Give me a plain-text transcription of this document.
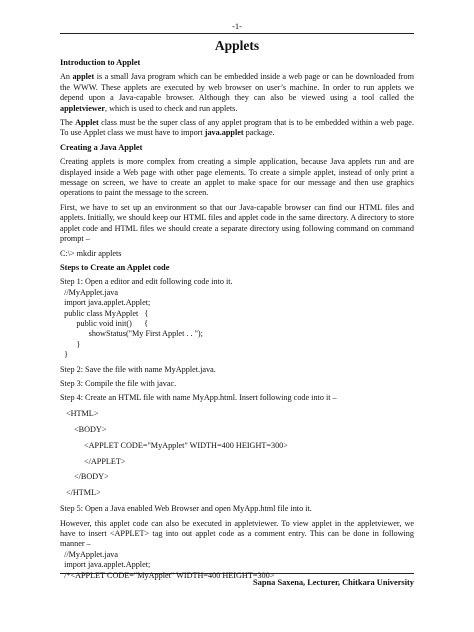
-1-
Applets
Introduction to Applet

An applet is a small Java program which can be embedded inside a web page or can be downloaded from the WWW. These applets are executed by web browser on user’s machine. In order to run applets we depend upon a Java-capable browser. Although they can also be viewed using a tool called the appletviewer, which is used to check and run applets.

The Applet class must be the super class of any applet program that is to be embedded within a web page. To use Applet class we must have to import java.applet package.

Creating a Java Applet

Creating applets is more complex from creating a simple application, because Java applets run and are displayed inside a Web page with other page elements. To create a simple applet, instead of only print a message on screen, we have to create an applet to make space for our message and then use graphics operations to paint the message to the screen.

First, we have to set up an environment so that our Java-capable browser can find our HTML files and applets. Initially, we should keep our HTML files and applet code in the same directory. A directory to store applet code and HTML files we should create a separate directory using following command on command prompt –

C:\> mkdir applets

Steps to Create an Applet code

Step 1: Open a editor and edit following code into it.

//MyApplet.java
import java.applet.Applet;
public class MyApplet   {
public void init()      {
showStatus("My First Applet . . ");
}
}

Step 2: Save the file with name MyApplet.java.

Step 3: Compile the file with javac.

Step 4: Create an HTML file with name MyApp.html. Insert following code into it –

<HTML>
<BODY>
<APPLET CODE="MyApplet" WIDTH=400 HEIGHT=300>
</APPLET>
</BODY>
</HTML>

Step 5: Open a Java enabled Web Browser and open MyApp.html file into it.

However, this applet code can also be executed in appletviewer. To view applet in the appletviewer, we have to insert <APPLET> tag into out applet code as a comment entry. This can be done in following manner –

//MyApplet.java
import java.applet.Applet;
/*<APPLET CODE="MyApplet" WIDTH=400 HEIGHT=300>
Sapna Saxena, Lecturer, Chitkara University
